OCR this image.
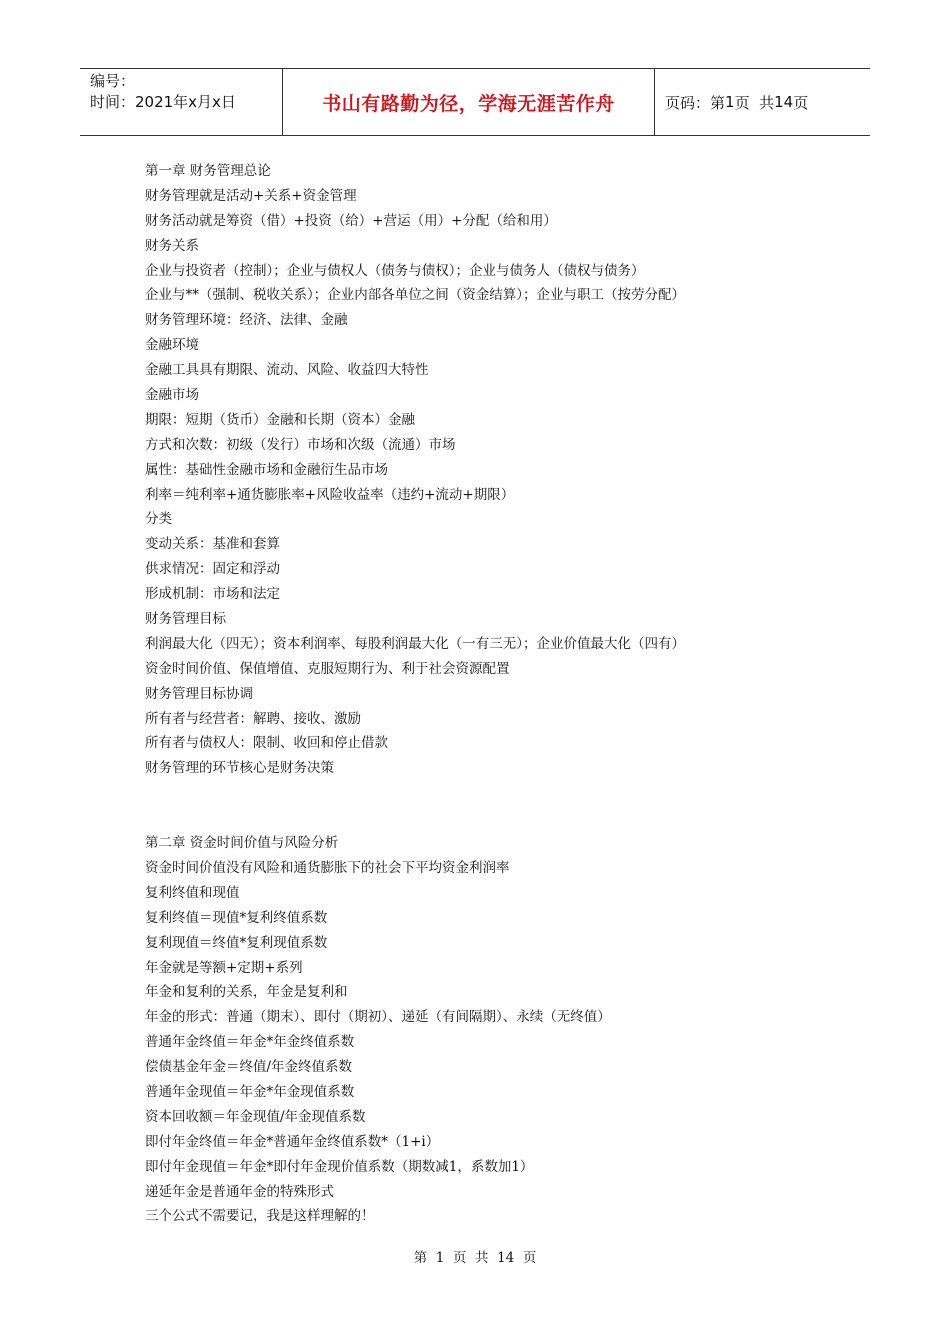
编号：
时间：2021年x月x日	书山有路勤为径，学海无涯苦作舟	页码：第 1 页  共 14 页
第一章 财务管理总论
财务管理就是活动+关系+资金管理
财务活动就是筹资（借）+投资（给）+营运（用）+分配（给和用）
财务关系
企业与投资者（控制）；企业与债权人（债务与债权）；企业与债务人（债权与债务）
企业与**（强制、税收关系）；企业内部各单位之间（资金结算）；企业与职工（按劳分配）
财务管理环境：经济、法律、金融
金融环境
金融工具具有期限、流动、风险、收益四大特性
金融市场
期限：短期（货币）金融和长期（资本）金融
方式和次数：初级（发行）市场和次级（流通）市场
属性：基础性金融市场和金融衍生品市场
利率＝纯利率+通货膨胀率+风险收益率（违约+流动+期限）
分类
变动关系：基准和套算
供求情况：固定和浮动
形成机制：市场和法定
财务管理目标
利润最大化（四无）；资本利润率、每股利润最大化（一有三无）；企业价值最大化（四有）
资金时间价值、保值增值、克服短期行为、利于社会资源配置
财务管理目标协调
所有者与经营者：解聘、接收、激励
所有者与债权人：限制、收回和停止借款
财务管理的环节核心是财务决策
第二章 资金时间价值与风险分析
资金时间价值没有风险和通货膨胀下的社会下平均资金利润率
复利终值和现值
复利终值＝现值*复利终值系数
复利现值＝终值*复利现值系数
年金就是等额+定期+系列
年金和复利的关系，年金是复利和
年金的形式：普通（期末）、即付（期初）、递延（有间隔期）、永续（无终值）
普通年金终值＝年金*年金终值系数
偿债基金年金＝终值/年金终值系数
普通年金现值＝年金*年金现值系数
资本回收额＝年金现值/年金现值系数
即付年金终值＝年金*普通年金终值系数*（1+i）
即付年金现值＝年金*即付年金现价值系数（期数减1，系数加1）
递延年金是普通年金的特殊形式
三个公式不需要记，我是这样理解的！
第  1  页  共  14  页
